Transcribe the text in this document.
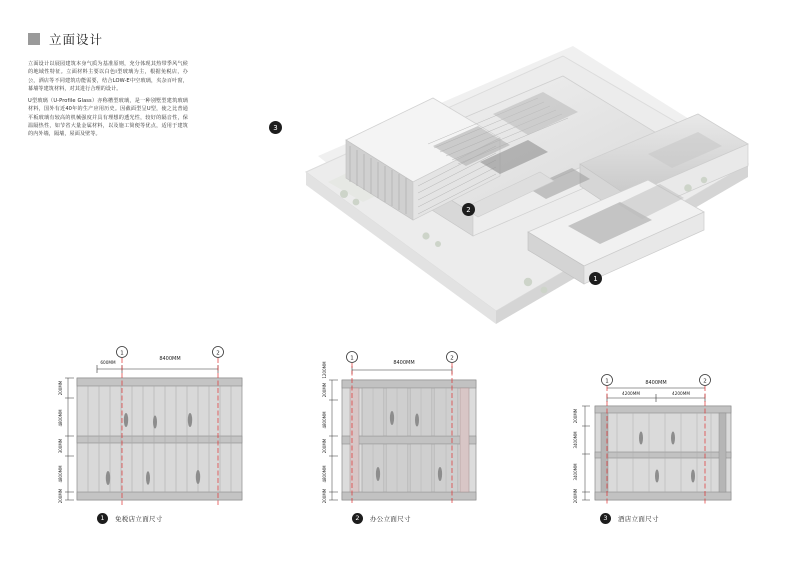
立面设计

立面设计以展园建筑本身气质为基准原则，充分体现其热带季风气候的地域性特征。立面材料主要以白色i型玻璃为主，根据免税店，办公，酒店等不同建筑功能需要，结合LOW-E中空玻璃，夹杂百叶窗，幕墙等建筑材料，对其进行合理的设计。

U型玻璃（U-Profile Glass）亦称槽型玻璃，是一种别墅型建筑玻璃材料，国外有近40年的生产应用历史。因截面型呈U型，使之比普通平板玻璃有较高的机械强度并具有理想的透光性，较好的隔音性，保温隔热性，如节省大量金属材料，以及施工简便等优点，适用于建筑的内外墙，隔墙，屋面及壁等。

3
2
1
1	2
600MM
8400MM
200MM
4800MM
300MM
4800MM
200MM
1	2
8400MM
1200MM
200MM
4800MM
200MM
4800MM
200MM
1	2
8400MM
4200MM	4200MM
200MM
3400MM
3400MM
200MM
1 免税店立面尺寸	2 办公立面尺寸	3 酒店立面尺寸
